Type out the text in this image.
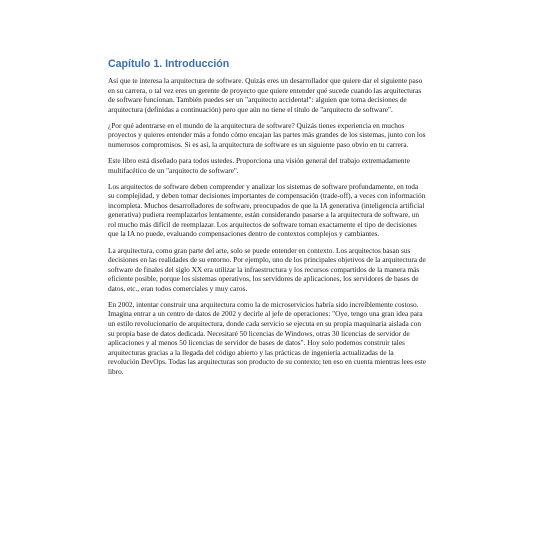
Capítulo 1. Introducción

Así que te interesa la arquitectura de software. Quizás eres un desarrollador que quiere dar el siguiente paso en su carrera, o tal vez eres un gerente de proyecto que quiere entender qué sucede cuando las arquitecturas de software funcionan. También puedes ser un "arquitecto accidental": alguien que toma decisiones de arquitectura (definidas a continuación) pero que aún no tiene el título de "arquitecto de software".

¿Por qué adentrarse en el mundo de la arquitectura de software? Quizás tienes experiencia en muchos proyectos y quieres entender más a fondo cómo encajan las partes más grandes de los sistemas, junto con los numerosos compromisos. Si es así, la arquitectura de software es un siguiente paso obvio en tu carrera.

Este libro está diseñado para todos ustedes. Proporciona una visión general del trabajo extremadamente multifacético de un "arquitecto de software".

Los arquitectos de software deben comprender y analizar los sistemas de software profundamente, en toda su complejidad, y deben tomar decisiones importantes de compensación (trade-off), a veces con información incompleta. Muchos desarrolladores de software, preocupados de que la IA generativa (inteligencia artificial generativa) pudiera reemplazarlos lentamente, están considerando pasarse a la arquitectura de software, un rol mucho más difícil de reemplazar. Los arquitectos de software toman exactamente el tipo de decisiones que la IA no puede, evaluando compensaciones dentro de contextos complejos y cambiantes.

La arquitectura, como gran parte del arte, solo se puede entender en contexto. Los arquitectos basan sus decisiones en las realidades de su entorno. Por ejemplo, uno de los principales objetivos de la arquitectura de software de finales del siglo XX era utilizar la infraestructura y los recursos compartidos de la manera más eficiente posible, porque los sistemas operativos, los servidores de aplicaciones, los servidores de bases de datos, etc., eran todos comerciales y muy caros.

En 2002, intentar construir una arquitectura como la de microservicios habría sido increíblemente costoso. Imagina entrar a un centro de datos de 2002 y decirle al jefe de operaciones: "Oye, tengo una gran idea para un estilo revolucionario de arquitectura, donde cada servicio se ejecuta en su propia maquinaria aislada con su propia base de datos dedicada. Necesitaré 50 licencias de Windows, otras 30 licencias de servidor de aplicaciones y al menos 50 licencias de servidor de bases de datos". Hoy solo podemos construir tales arquitecturas gracias a la llegada del código abierto y las prácticas de ingeniería actualizadas de la revolución DevOps. Todas las arquitecturas son producto de su contexto; ten eso en cuenta mientras lees este libro.
